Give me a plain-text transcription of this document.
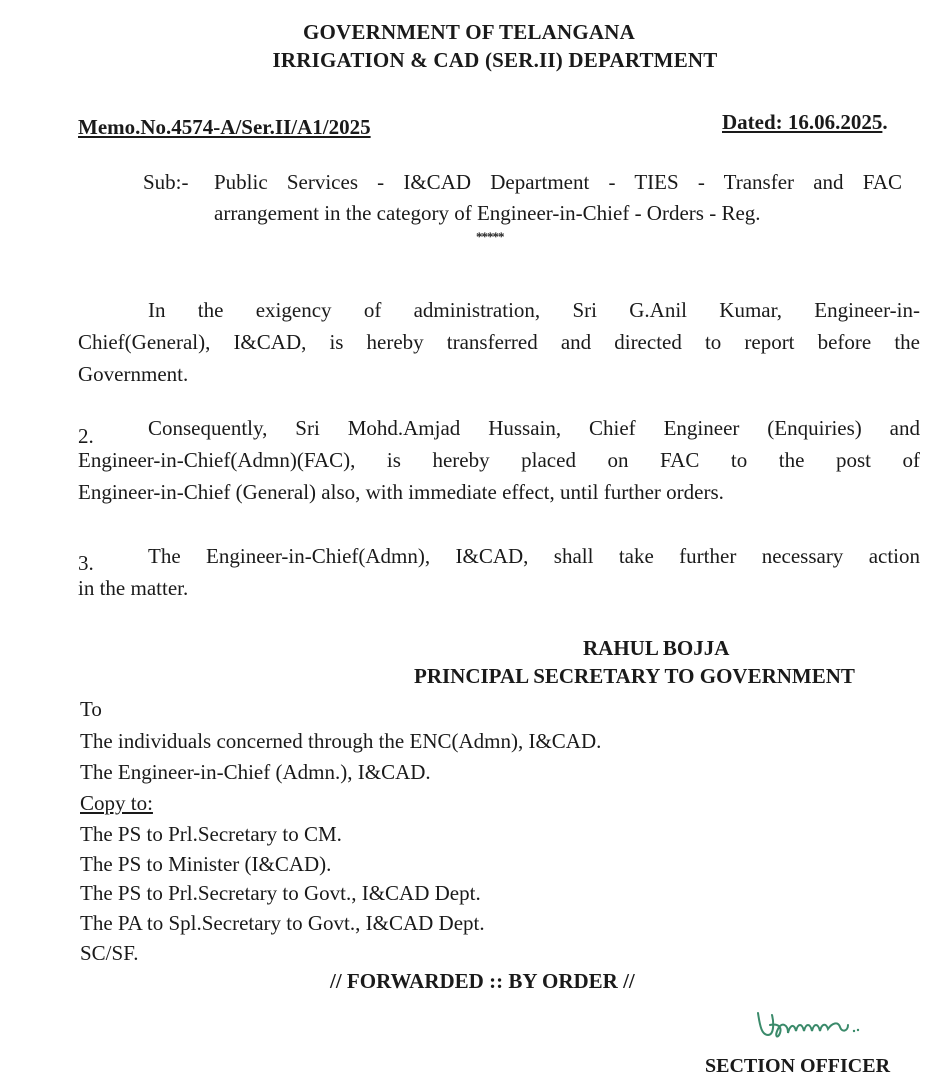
GOVERNMENT OF TELANGANA
IRRIGATION & CAD (SER.II) DEPARTMENT
Memo.No.4574-A/Ser.II/A1/2025	Dated: 16.06.2025.
Sub:- Public Services - I&CAD Department - TIES - Transfer and FAC
arrangement in the category of Engineer-in-Chief - Orders - Reg.
*****
In the exigency of administration, Sri G.Anil Kumar, Engineer-in-
Chief(General), I&CAD, is hereby transferred and directed to report before the
Government.
2.	Consequently, Sri Mohd.Amjad Hussain, Chief Engineer (Enquiries) and
Engineer-in-Chief(Admn)(FAC), is hereby placed on FAC to the post of
Engineer-in-Chief (General) also, with immediate effect, until further orders.
3.	The Engineer-in-Chief(Admn), I&CAD, shall take further necessary action
in the matter.
RAHUL BOJJA
PRINCIPAL SECRETARY TO GOVERNMENT
To
The individuals concerned through the ENC(Admn), I&CAD.
The Engineer-in-Chief (Admn.), I&CAD.
Copy to:
The PS to Prl.Secretary to CM.
The PS to Minister (I&CAD).
The PS to Prl.Secretary to Govt., I&CAD Dept.
The PA to Spl.Secretary to Govt., I&CAD Dept.
SC/SF.
// FORWARDED :: BY ORDER //
SECTION OFFICER
